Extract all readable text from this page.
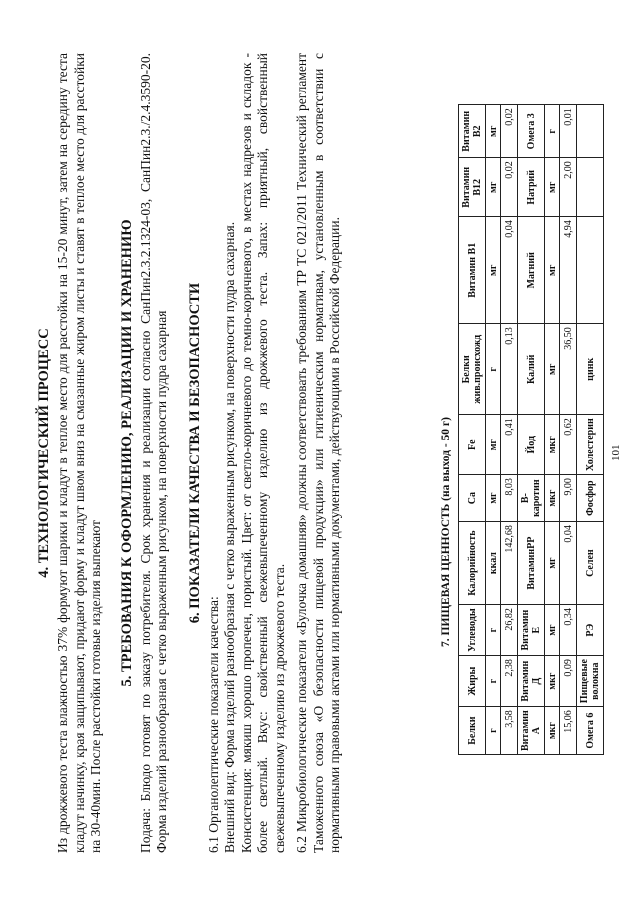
4. ТЕХНОЛОГИЧЕСКИЙ ПРОЦЕСС Из дрожжевого теста влажностью 37% формуют шарики и кладут в теплое место для расстойки на 15-20 минут, затем на середину теста кладут начинку, края защипывают, придают форму и кладут швом вниз на смазанные жиром листы и ставят в теплое место для расстойки на 30-40мин. После расстойки готовые изделия выпекают 5. ТРЕБОВАНИЯ К ОФОРМЛЕНИЮ, РЕАЛИЗАЦИИ И ХРАНЕНИЮ Подача: Блюдо готовят по заказу потребителя. Срок хранения и реализации согласно СанПин2.3.2.1324-03, СанПин2.3./2.4.3590-20. Форма изделий разнообразная с четко выраженным рисунком, на поверхности пудра сахарная 6. ПОКАЗАТЕЛИ КАЧЕСТВА И БЕЗОПАСНОСТИ

6.1 Органолептические показатели качества: Внешний вид: Форма изделий разнообразная с четко выраженным рисунком, на поверхности пудра сахарная. Консистенция: мякиш хорошо пропечен, пористый. Цвет: от светло-коричневого до темно-коричневого, в местах надрезов и складок - более светлый. Вкус: свойственный свежевыпеченному изделию из дрожжевого теста. Запах: приятный, свойственный свежевыпеченному изделию из дрожжевого теста. 6.2 Микробиологические показатели «Булочка домашняя» должны соответствовать требованиям ТР ТС 021/2011 Технический регламент Таможенного союза «О безопасности пищевой продукции» или гигиеническим нормативам, установленным в соответствии с нормативными правовыми актами или нормативными документами, действующими в Российской Федерации.	7. ПИЩЕВАЯ ЦЕННОСТЬ (на выход - 50 г)
Белки	Жиры	Углеводы	Калорийность	Ca	Fe	Белки жив.происхожд	Витамин B1	Витамин B12	Витамин B2
г	г	г	ккал	мг	мг	г	мг	мг	мг
3,58	2,38	26,82	142,68	8,03	0,41	0,13	0,04	0,02	0,02
Витамин А	Витамин Д	Витамин Е	ВитаминPP	B-каротин	Йод	Калий	Магний	Натрий	Омега 3
мкг	мкг	мг	мг	мкг	мкг	мг	мг	мг	г
15,06	0,09	0,34	0,04	9,00	0,62	36,50	4,94	2,00	0,01
Омега 6	Пищевые волокна	РЭ	Селен	Фосфор	Холестерин	цинк			
101
